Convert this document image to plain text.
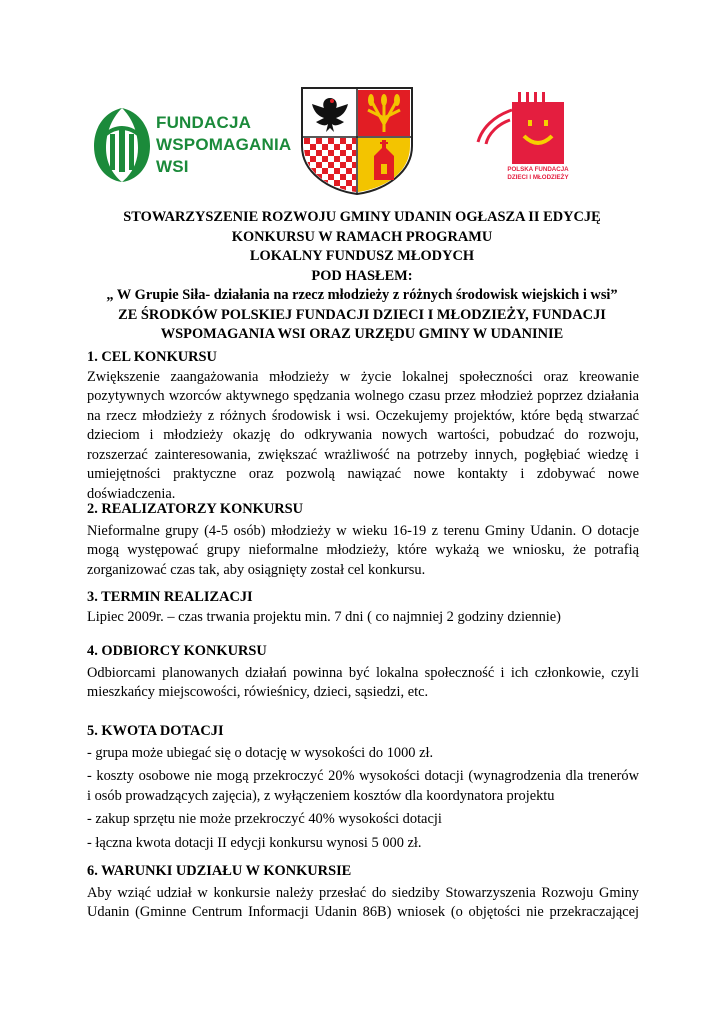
FUNDACJA
WSPOMAGANIA
WSI	POLSKA FUNDACJA
DZIECI I MŁODZIEŻY
STOWARZYSZENIE ROZWOJU GMINY UDANIN OGŁASZA II EDYCJĘ
KONKURSU W RAMACH PROGRAMU
LOKALNY FUNDUSZ MŁODYCH
POD HASŁEM:
„ W Grupie Siła- działania na rzecz młodzieży z różnych środowisk wiejskich i wsi”
ZE ŚRODKÓW POLSKIEJ FUNDACJI DZIECI I MŁODZIEŻY, FUNDACJI
WSPOMAGANIA WSI ORAZ URZĘDU GMINY W UDANINIE
1. CEL KONKURSU
Zwiększenie zaangażowania młodzieży w życie lokalnej społeczności oraz kreowanie
pozytywnych wzorców aktywnego spędzania wolnego czasu przez młodzież poprzez działania
na rzecz młodzieży z różnych środowisk i wsi. Oczekujemy projektów, które będą stwarzać
dzieciom i młodzieży okazję do odkrywania nowych wartości, pobudzać do rozwoju,
rozszerzać zainteresowania, zwiększać wrażliwość na potrzeby innych, pogłębiać wiedzę i
umiejętności praktyczne oraz pozwolą nawiązać nowe kontakty i zdobywać nowe
doświadczenia.
2. REALIZATORZY KONKURSU
Nieformalne grupy (4-5 osób) młodzieży w wieku 16-19 z terenu Gminy Udanin. O dotacje
mogą występować grupy nieformalne młodzieży, które wykażą we wniosku, że potrafią
zorganizować czas tak, aby osiągnięty został cel konkursu.
3. TERMIN REALIZACJI
Lipiec 2009r. – czas trwania projektu min. 7 dni ( co najmniej 2 godziny dziennie)
4. ODBIORCY KONKURSU
Odbiorcami planowanych działań powinna być lokalna społeczność i ich członkowie, czyli
mieszkańcy miejscowości, rówieśnicy, dzieci, sąsiedzi, etc.
5. KWOTA DOTACJI
- grupa może ubiegać się o dotację w wysokości do 1000 zł.
- koszty osobowe nie mogą przekroczyć 20% wysokości dotacji (wynagrodzenia dla trenerów
i osób prowadzących zajęcia), z wyłączeniem kosztów dla koordynatora projektu
- zakup sprzętu nie może przekroczyć 40% wysokości dotacji
- łączna kwota dotacji II edycji konkursu wynosi 5 000 zł.
6. WARUNKI UDZIAŁU W KONKURSIE
Aby wziąć udział w konkursie należy przesłać do siedziby Stowarzyszenia Rozwoju Gminy
Udanin (Gminne Centrum Informacji Udanin 86B) wniosek (o objętości nie przekraczającej
